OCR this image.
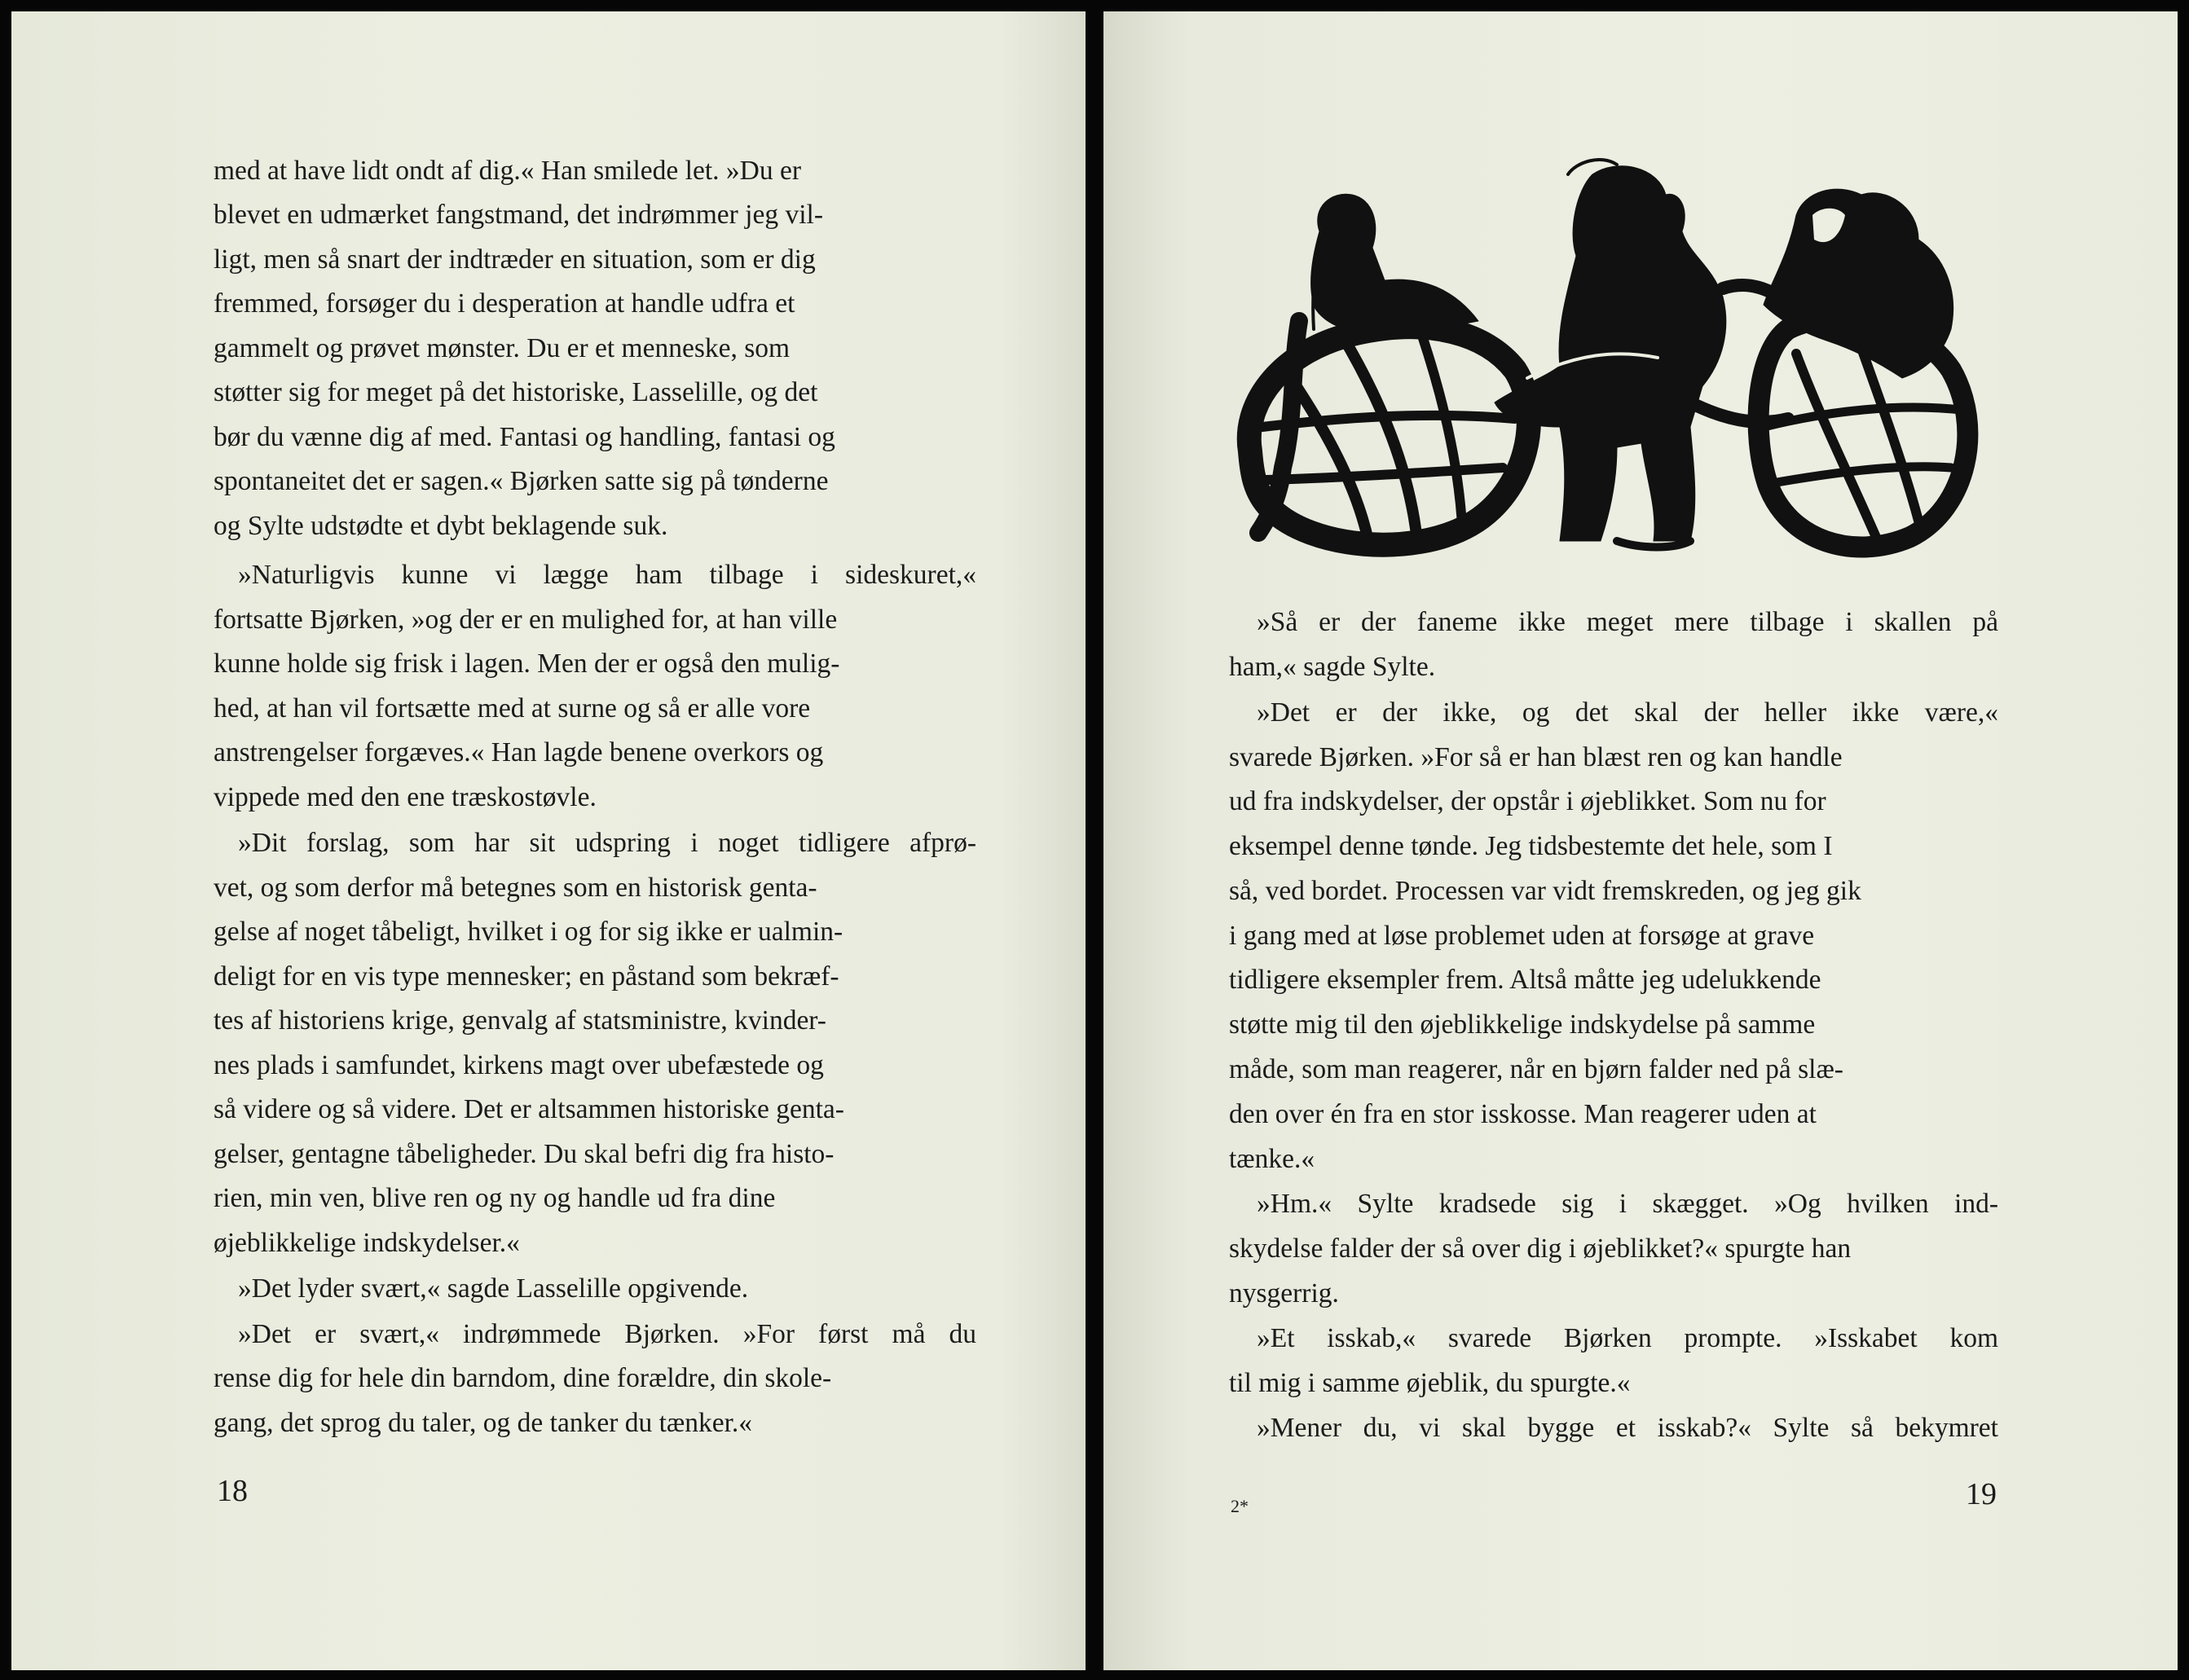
med at have lidt ondt af dig.« Han smilede let. »Du er
blevet en udmærket fangstmand, det indrømmer jeg vil-
ligt, men så snart der indtræder en situation, som er dig
fremmed, forsøger du i desperation at handle udfra et
gammelt og prøvet mønster. Du er et menneske, som
støtter sig for meget på det historiske, Lasselille, og det
bør du vænne dig af med. Fantasi og handling, fantasi og
spontaneitet det er sagen.« Bjørken satte sig på tønderne
og Sylte udstødte et dybt beklagende suk.
»Naturligvis kunne vi lægge ham tilbage i sideskuret,«
fortsatte Bjørken, »og der er en mulighed for, at han ville
kunne holde sig frisk i lagen. Men der er også den mulig-
hed, at han vil fortsætte med at surne og så er alle vore
anstrengelser forgæves.« Han lagde benene overkors og
vippede med den ene træskostøvle.
»Dit forslag, som har sit udspring i noget tidligere afprø-
vet, og som derfor må betegnes som en historisk genta-
gelse af noget tåbeligt, hvilket i og for sig ikke er ualmin-
deligt for en vis type mennesker; en påstand som bekræf-
tes af historiens krige, genvalg af statsministre, kvinder-
nes plads i samfundet, kirkens magt over ubefæstede og
så videre og så videre. Det er altsammen historiske genta-
gelser, gentagne tåbeligheder. Du skal befri dig fra histo-
rien, min ven, blive ren og ny og handle ud fra dine
øjeblikkelige indskydelser.«
»Det lyder svært,« sagde Lasselille opgivende.
»Det er svært,« indrømmede Bjørken. »For først må du
rense dig for hele din barndom, dine forældre, din skole-
gang, det sprog du taler, og de tanker du tænker.«
18
»Så er der faneme ikke meget mere tilbage i skallen på
ham,« sagde Sylte.
»Det er der ikke, og det skal der heller ikke være,«
svarede Bjørken. »For så er han blæst ren og kan handle
ud fra indskydelser, der opstår i øjeblikket. Som nu for
eksempel denne tønde. Jeg tidsbestemte det hele, som I
så, ved bordet. Processen var vidt fremskreden, og jeg gik
i gang med at løse problemet uden at forsøge at grave
tidligere eksempler frem. Altså måtte jeg udelukkende
støtte mig til den øjeblikkelige indskydelse på samme
måde, som man reagerer, når en bjørn falder ned på slæ-
den over én fra en stor isskosse. Man reagerer uden at
tænke.«
»Hm.« Sylte kradsede sig i skægget. »Og hvilken ind-
skydelse falder der så over dig i øjeblikket?« spurgte han
nysgerrig.
»Et isskab,« svarede Bjørken prompte. »Isskabet kom
til mig i samme øjeblik, du spurgte.«
»Mener du, vi skal bygge et isskab?« Sylte så bekymret
2*	19
